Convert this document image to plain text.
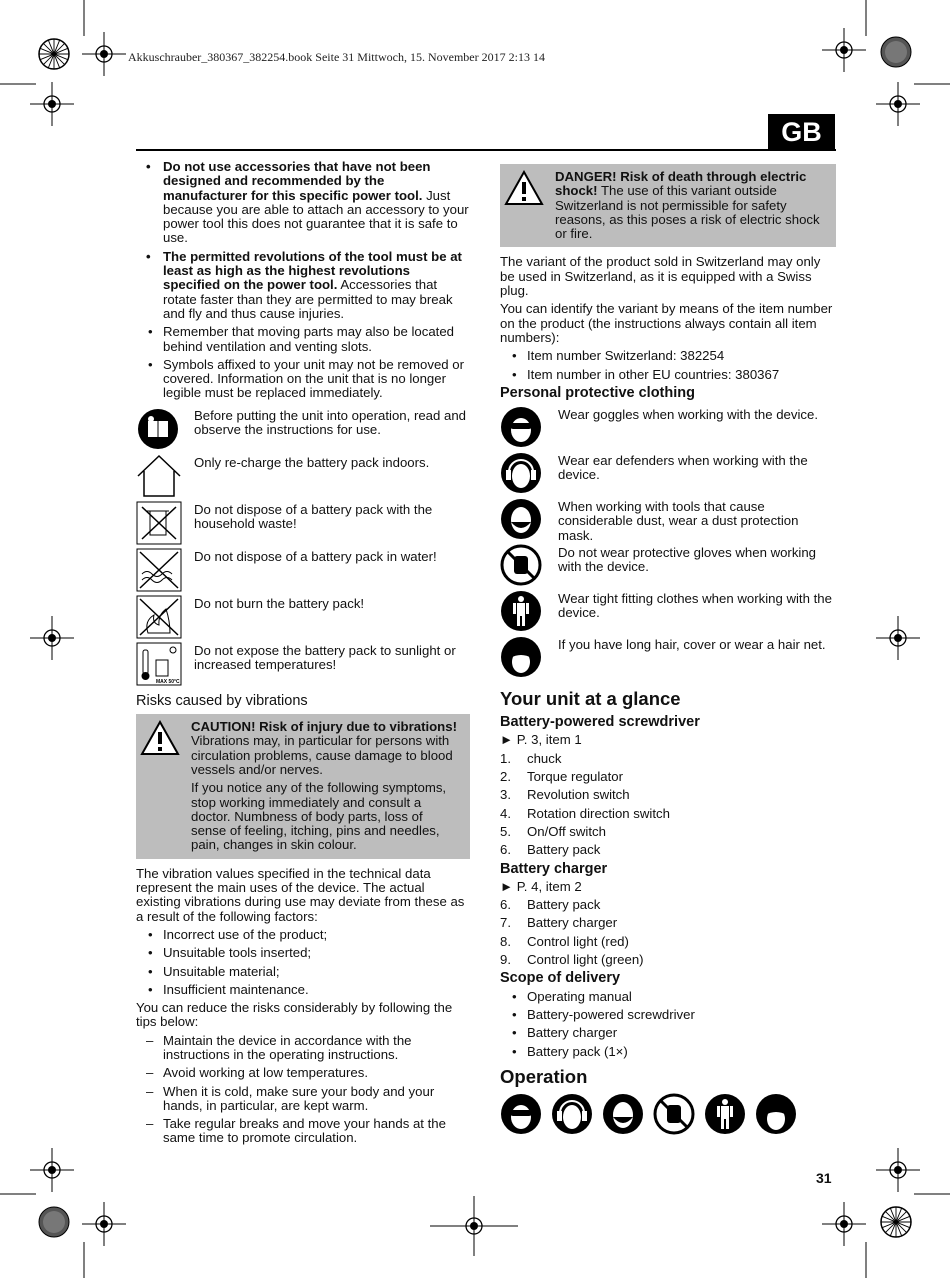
Akkuschrauber_380367_382254.book Seite 31 Mittwoch, 15. November 2017 2:13 14
GB
• Do not use accessories that have not been designed and recommended by the manufacturer for this specific power tool. Just because you are able to attach an accessory to your power tool this does not guarantee that it is safe to use.
• The permitted revolutions of the tool must be at least as high as the highest revolutions specified on the power tool. Accessories that rotate faster than they are permitted to may break and fly and thus cause injuries.
• Remember that moving parts may also be located behind ventilation and venting slots.
• Symbols affixed to your unit may not be removed or covered. Information on the unit that is no longer legible must be replaced immediately.
Before putting the unit into operation, read and observe the instructions for use.
Only re-charge the battery pack indoors.
Do not dispose of a battery pack with the household waste!
Do not dispose of a battery pack in water!
Do not burn the battery pack!
MAX 50°C
Do not expose the battery pack to sunlight or increased temperatures!
Risks caused by vibrations

CAUTION! Risk of injury due to vibrations! Vibrations may, in particular for persons with circulation problems, cause damage to blood vessels and/or nerves.

If you notice any of the following symptoms, stop working immediately and consult a doctor. Numbness of body parts, loss of sense of feeling, itching, pins and needles, pain, changes in skin colour.

The vibration values specified in the technical data represent the main uses of the device. The actual existing vibrations during use may deviate from these as a result of the following factors:

• Incorrect use of the product;
• Unsuitable tools inserted;
• Unsuitable material;
• Insufficient maintenance.

You can reduce the risks considerably by following the tips below:

– Maintain the device in accordance with the instructions in the operating instructions.
– Avoid working at low temperatures.
– When it is cold, make sure your body and your hands, in particular, are kept warm.
– Take regular breaks and move your hands at the same time to promote circulation.

DANGER! Risk of death through electric shock! The use of this variant outside Switzerland is not permissible for safety reasons, as this poses a risk of electric shock or fire.

The variant of the product sold in Switzerland may only be used in Switzerland, as it is equipped with a Swiss plug.

You can identify the variant by means of the item number on the product (the instructions always contain all item numbers):

• Item number Switzerland: 382254
• Item number in other EU countries: 380367
Personal protective clothing
Wear goggles when working with the device.
Wear ear defenders when working with the device.
When working with tools that cause considerable dust, wear a dust protection mask.
Do not wear protective gloves when working with the device.
Wear tight fitting clothes when working with the device.
If you have long hair, cover or wear a hair net.
Your unit at a glance
Battery-powered screwdriver

► P. 3, item 1

1. chuck
2. Torque regulator
3. Revolution switch
4. Rotation direction switch
5. On/Off switch
6. Battery pack
Battery charger

► P. 4, item 2

6. Battery pack
7. Battery charger
8. Control light (red)
9. Control light (green)
Scope of delivery
• Operating manual
• Battery-powered screwdriver
• Battery charger
• Battery pack (1×)
Operation
31
